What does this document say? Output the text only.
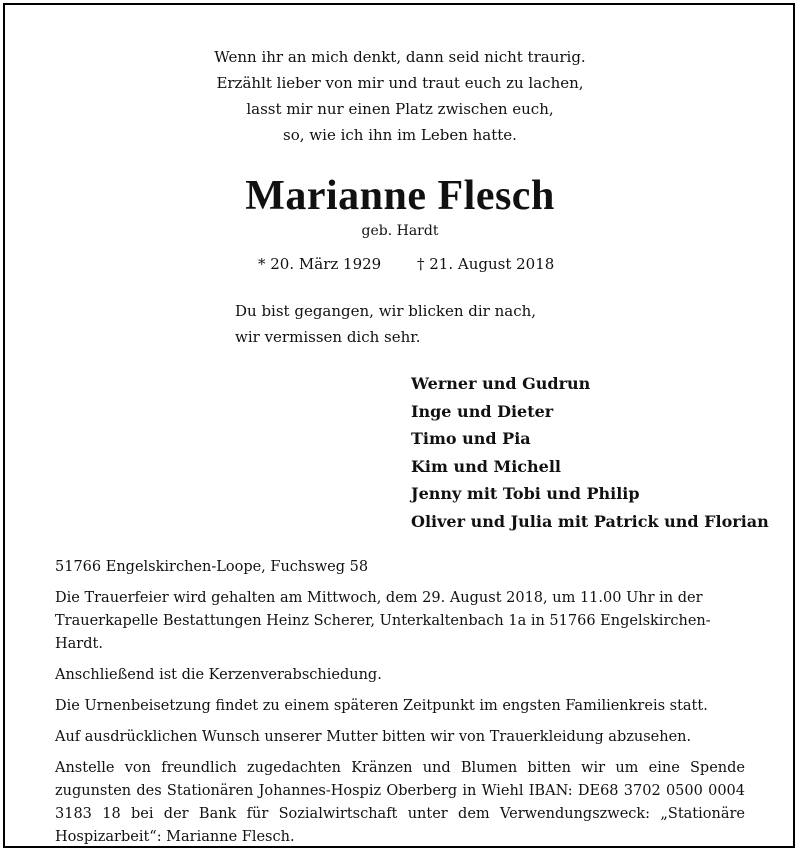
Wenn ihr an mich denkt, dann seid nicht traurig.
Erzählt lieber von mir und traut euch zu lachen,
lasst mir nur einen Platz zwischen euch,
so, wie ich ihn im Leben hatte.
Marianne Flesch
geb. Hardt
* 20. März 1929 † 21. August 2018
Du bist gegangen, wir blicken dir nach,
wir vermissen dich sehr.
Werner und Gudrun
Inge und Dieter
Timo und Pia
Kim und Michell
Jenny mit Tobi und Philip
Oliver und Julia mit Patrick und Florian

51766 Engelskirchen-Loope, Fuchsweg 58

Die Trauerfeier wird gehalten am Mittwoch, dem 29. August 2018, um 11.00 Uhr in der Trauerkapelle Bestattungen Heinz Scherer, Unterkaltenbach 1a in 51766 Engelskirchen-Hardt.

Anschließend ist die Kerzenverabschiedung.

Die Urnenbeisetzung findet zu einem späteren Zeitpunkt im engsten Familienkreis statt.

Auf ausdrücklichen Wunsch unserer Mutter bitten wir von Trauerkleidung abzusehen.

Anstelle von freundlich zugedachten Kränzen und Blumen bitten wir um eine Spende zugunsten des Stationären Johannes-Hospiz Oberberg in Wiehl IBAN: DE68 3702 0500 0004 3183 18 bei der Bank für Sozialwirtschaft unter dem Verwendungszweck: „Stationäre Hospizarbeit“: Marianne Flesch.
